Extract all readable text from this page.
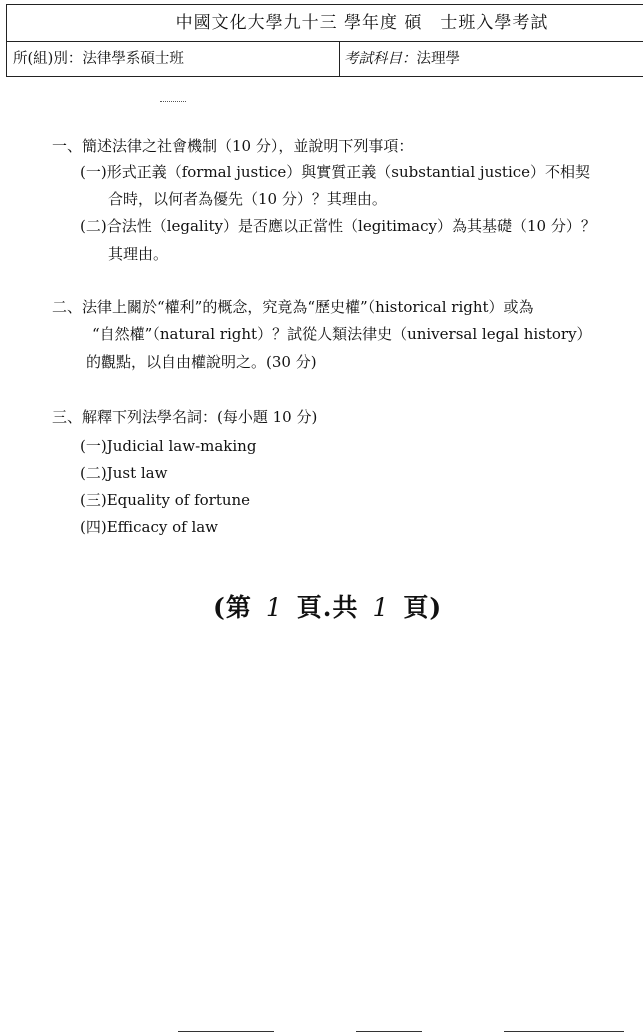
中國文化大學九十三 學年度 碩　士班入學考試
所(組)別：法律學系碩士班	考試科目：法理學
一、簡述法律之社會機制（10 分），並說明下列事項：
(一)形式正義（formal justice）與實質正義（substantial justice）不相契
合時，以何者為優先（10 分）？其理由。
(二)合法性（legality）是否應以正當性（legitimacy）為其基礎（10 分）？
其理由。
二、法律上關於“權利”的概念，究竟為“歷史權”（historical right）或為
“自然權”（natural right）？試從人類法律史（universal legal history）
的觀點，以自由權說明之。(30 分)
三、解釋下列法學名詞：(每小題 10 分)
(一)Judicial law-making
(二)Just law
(三)Equality of fortune
(四)Efficacy of law
(第 1 頁.共 1 頁)
